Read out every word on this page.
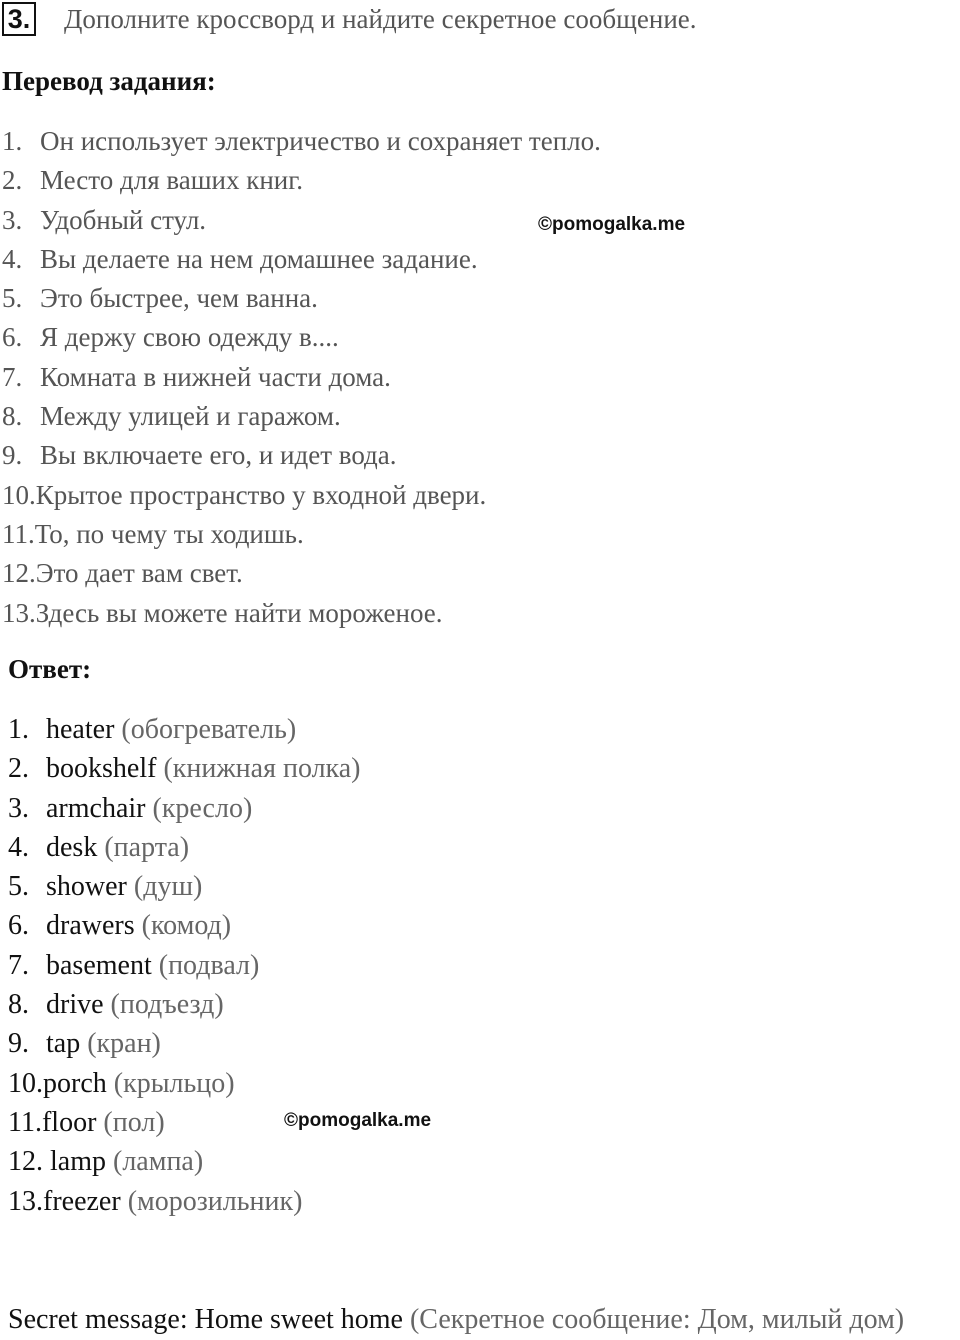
3. Дополните кроссворд и найдите секретное сообщение.
Перевод задания:
1. Он использует электричество и сохраняет тепло.
2. Место для ваших книг.
3. Удобный стул.
4. Вы делаете на нем домашнее задание.
5. Это быстрее, чем ванна.
6. Я держу свою одежду в....
7. Комната в нижней части дома.
8. Между улицей и гаражом.
9. Вы включаете его, и идет вода.
10.Крытое пространство у входной двери.
11.То, по чему ты ходишь.
12.Это дает вам свет.
13.Здесь вы можете найти мороженое.
©pomogalka.me
Ответ:
1. heater (обогреватель)
2. bookshelf (книжная полка)
3. armchair (кресло)
4. desk (парта)
5. shower (душ)
6. drawers (комод)
7. basement (подвал)
8. drive (подъезд)
9. tap (кран)
10.porch (крыльцо)
11.floor (пол)
12. lamp (лампа)
13.freezer (морозильник)
©pomogalka.me
Secret message: Home sweet home (Секретное сообщение: Дом, милый дом)
